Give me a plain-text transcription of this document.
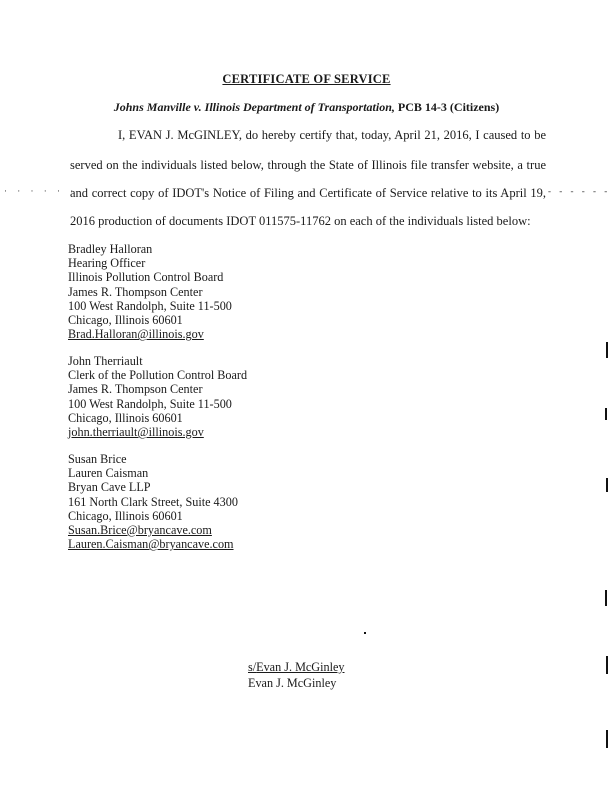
CERTIFICATE OF SERVICE
Johns Manville v. Illinois Department of Transportation, PCB 14-3 (Citizens)
I, EVAN J. McGINLEY, do hereby certify that, today, April 21, 2016, I caused to be
served on the individuals listed below, through the State of Illinois file transfer website, a true
and correct copy of IDOT's Notice of Filing and Certificate of Service relative to its April 19,
2016 production of documents IDOT 011575-11762 on each of the individuals listed below:
· · · · · ·	- - - - - -
Bradley Halloran
Hearing Officer
Illinois Pollution Control Board
James R. Thompson Center
100 West Randolph, Suite 11-500
Chicago, Illinois 60601
Brad.Halloran@illinois.gov
John Therriault
Clerk of the Pollution Control Board
James R. Thompson Center
100 West Randolph, Suite 11-500
Chicago, Illinois 60601
john.therriault@illinois.gov
Susan Brice
Lauren Caisman
Bryan Cave LLP
161 North Clark Street, Suite 4300
Chicago, Illinois 60601
Susan.Brice@bryancave.com
Lauren.Caisman@bryancave.com
s/Evan J. McGinley
Evan J. McGinley
